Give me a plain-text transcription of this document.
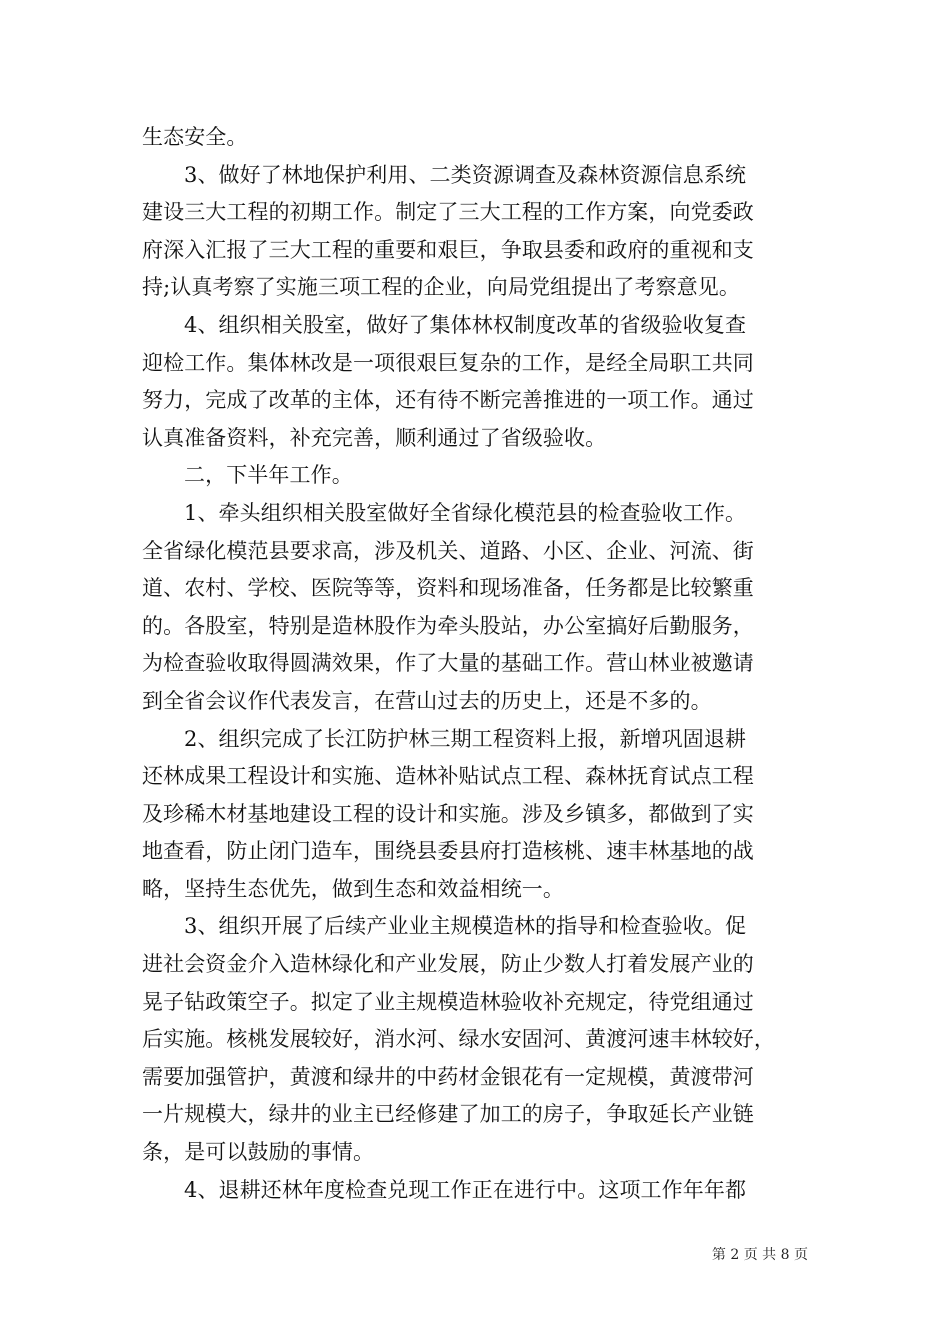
生态安全。
3、做好了林地保护利用、二类资源调查及森林资源信息系统
建设三大工程的初期工作。制定了三大工程的工作方案，向党委政
府深入汇报了三大工程的重要和艰巨，争取县委和政府的重视和支
持;认真考察了实施三项工程的企业，向局党组提出了考察意见。
4、组织相关股室，做好了集体林权制度改革的省级验收复查
迎检工作。集体林改是一项很艰巨复杂的工作，是经全局职工共同
努力，完成了改革的主体，还有待不断完善推进的一项工作。通过
认真准备资料，补充完善，顺利通过了省级验收。
二，下半年工作。
1、牵头组织相关股室做好全省绿化模范县的检查验收工作。
全省绿化模范县要求高，涉及机关、道路、小区、企业、河流、街
道、农村、学校、医院等等，资料和现场准备，任务都是比较繁重
的。各股室，特别是造林股作为牵头股站，办公室搞好后勤服务，
为检查验收取得圆满效果，作了大量的基础工作。营山林业被邀请
到全省会议作代表发言，在营山过去的历史上，还是不多的。
2、组织完成了长江防护林三期工程资料上报，新增巩固退耕
还林成果工程设计和实施、造林补贴试点工程、森林抚育试点工程
及珍稀木材基地建设工程的设计和实施。涉及乡镇多，都做到了实
地查看，防止闭门造车，围绕县委县府打造核桃、速丰林基地的战
略，坚持生态优先，做到生态和效益相统一。
3、组织开展了后续产业业主规模造林的指导和检查验收。促
进社会资金介入造林绿化和产业发展，防止少数人打着发展产业的
晃子钻政策空子。拟定了业主规模造林验收补充规定，待党组通过
后实施。核桃发展较好，消水河、绿水安固河、黄渡河速丰林较好，
需要加强管护，黄渡和绿井的中药材金银花有一定规模，黄渡带河
一片规模大，绿井的业主已经修建了加工的房子，争取延长产业链
条，是可以鼓励的事情。
4、退耕还林年度检查兑现工作正在进行中。这项工作年年都
第 2 页 共 8 页
